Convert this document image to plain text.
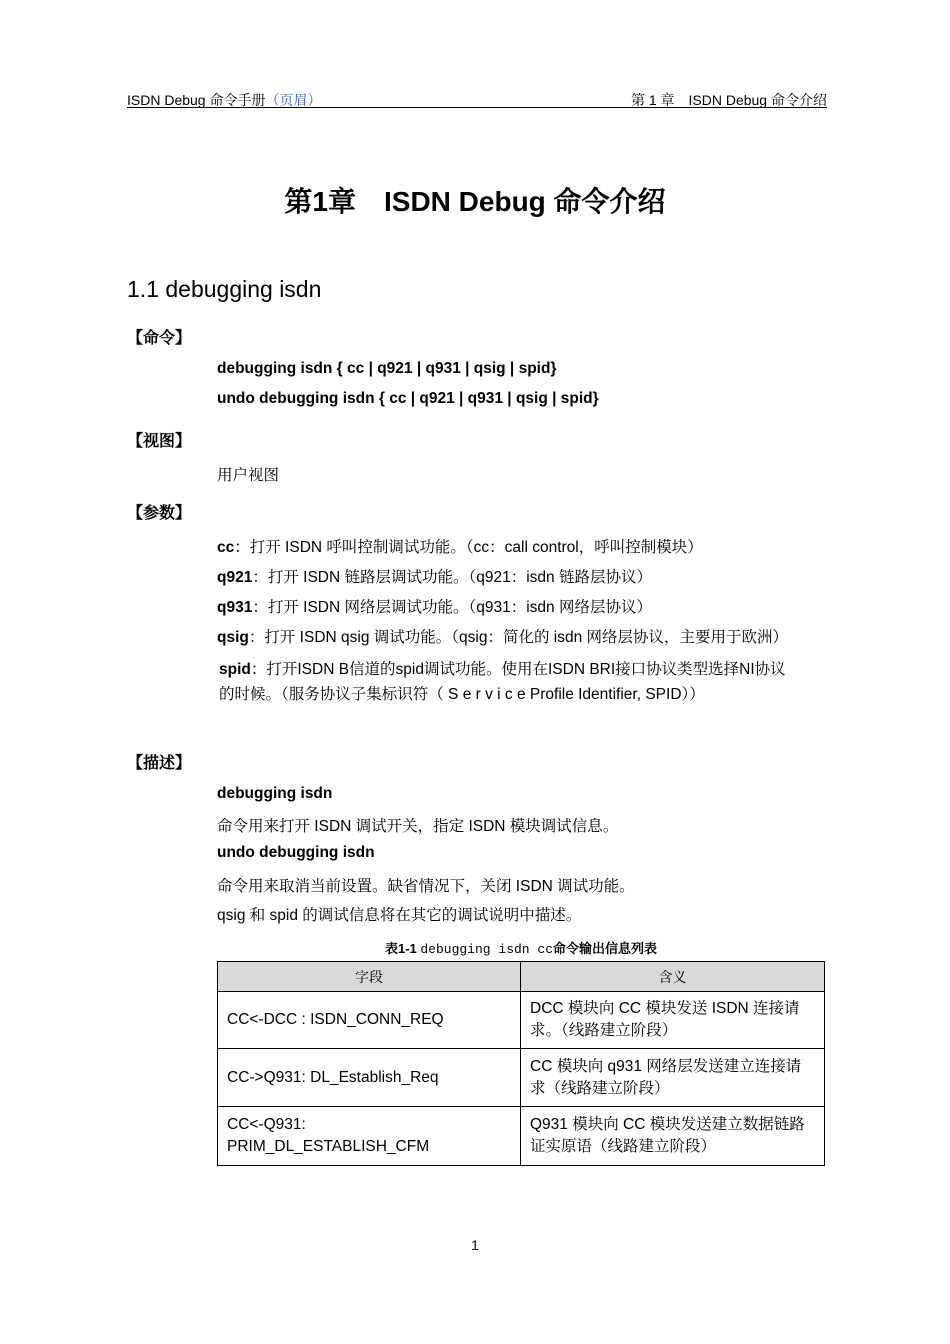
ISDN Debug 命令手册（页眉）	第 1 章　ISDN Debug 命令介绍
第1章　ISDN Debug 命令介绍
1.1 debugging isdn
【命令】
debugging isdn { cc | q921 | q931 | qsig | spid}
undo debugging isdn { cc | q921 | q931 | qsig | spid}
【视图】
用户视图
【参数】
cc：打开 ISDN 呼叫控制调试功能。（cc：call control，呼叫控制模块）
q921：打开 ISDN 链路层调试功能。（q921：isdn 链路层协议）
q931：打开 ISDN 网络层调试功能。（q931：isdn 网络层协议）
qsig：打开 ISDN qsig 调试功能。（qsig：简化的 isdn 网络层协议，主要用于欧洲）
spid：打开ISDN B信道的spid调试功能。使用在ISDN BRI接口协议类型选择NI协议
的时候。（服务协议子集标识符（ S e r v i c e Profile Identifier, SPID））
【描述】
debugging isdn
命令用来打开 ISDN 调试开关，指定 ISDN 模块调试信息。
undo debugging isdn
命令用来取消当前设置。缺省情况下，关闭 ISDN 调试功能。
qsig 和 spid 的调试信息将在其它的调试说明中描述。
表1-1 debugging isdn cc命令输出信息列表
字段	含义
CC<-DCC : ISDN_CONN_REQ	DCC 模块向 CC 模块发送 ISDN 连接请求。（线路建立阶段）
CC->Q931: DL_Establish_Req	CC 模块向 q931 网络层发送建立连接请求（线路建立阶段）
CC<-Q931:
PRIM_DL_ESTABLISH_CFM	Q931 模块向 CC 模块发送建立数据链路证实原语（线路建立阶段）
1
